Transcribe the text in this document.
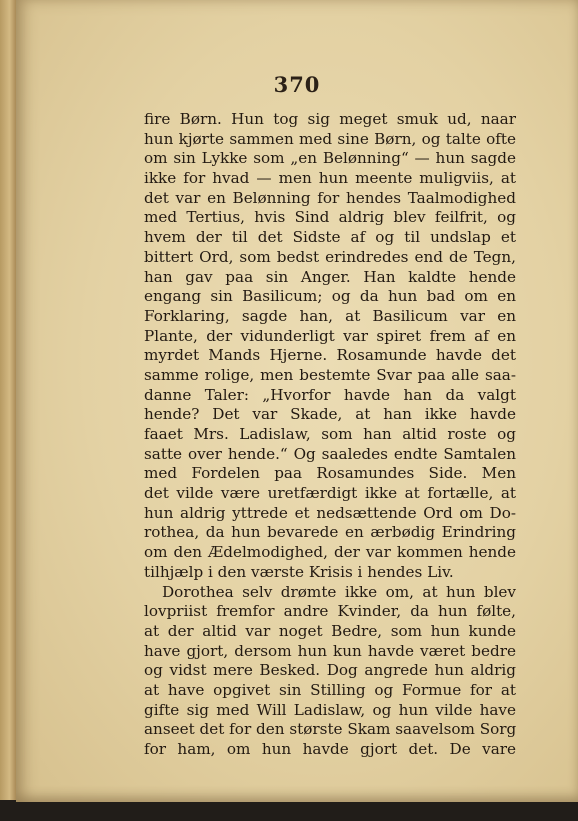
370
fire Børn. Hun tog sig meget smuk ud, naar
hun kjørte sammen med sine Børn, og talte ofte
om sin Lykke som „en Belønning“ — hun sagde
ikke for hvad — men hun meente muligviis, at
det var en Belønning for hendes Taalmodighed
med Tertius, hvis Sind aldrig blev feilfrit, og
hvem der til det Sidste af og til undslap et
bittert Ord, som bedst erindredes end de Tegn,
han gav paa sin Anger. Han kaldte hende
engang sin Basilicum; og da hun bad om en
Forklaring, sagde han, at Basilicum var en
Plante, der vidunderligt var spiret frem af en
myrdet Mands Hjerne. Rosamunde havde det
samme rolige, men bestemte Svar paa alle saa-
danne Taler: „Hvorfor havde han da valgt
hende? Det var Skade, at han ikke havde
faaet Mrs. Ladislaw, som han altid roste og
satte over hende.“ Og saaledes endte Samtalen
med Fordelen paa Rosamundes Side. Men
det vilde være uretfærdigt ikke at fortælle, at
hun aldrig yttrede et nedsættende Ord om Do-
rothea, da hun bevarede en ærbødig Erindring
om den Ædelmodighed, der var kommen hende
tilhjælp i den værste Krisis i hendes Liv.
Dorothea selv drømte ikke om, at hun blev
lovpriist fremfor andre Kvinder, da hun følte,
at der altid var noget Bedre, som hun kunde
have gjort, dersom hun kun havde været bedre
og vidst mere Besked. Dog angrede hun aldrig
at have opgivet sin Stilling og Formue for at
gifte sig med Will Ladislaw, og hun vilde have
anseet det for den største Skam saavelsom Sorg
for ham, om hun havde gjort det. De vare
